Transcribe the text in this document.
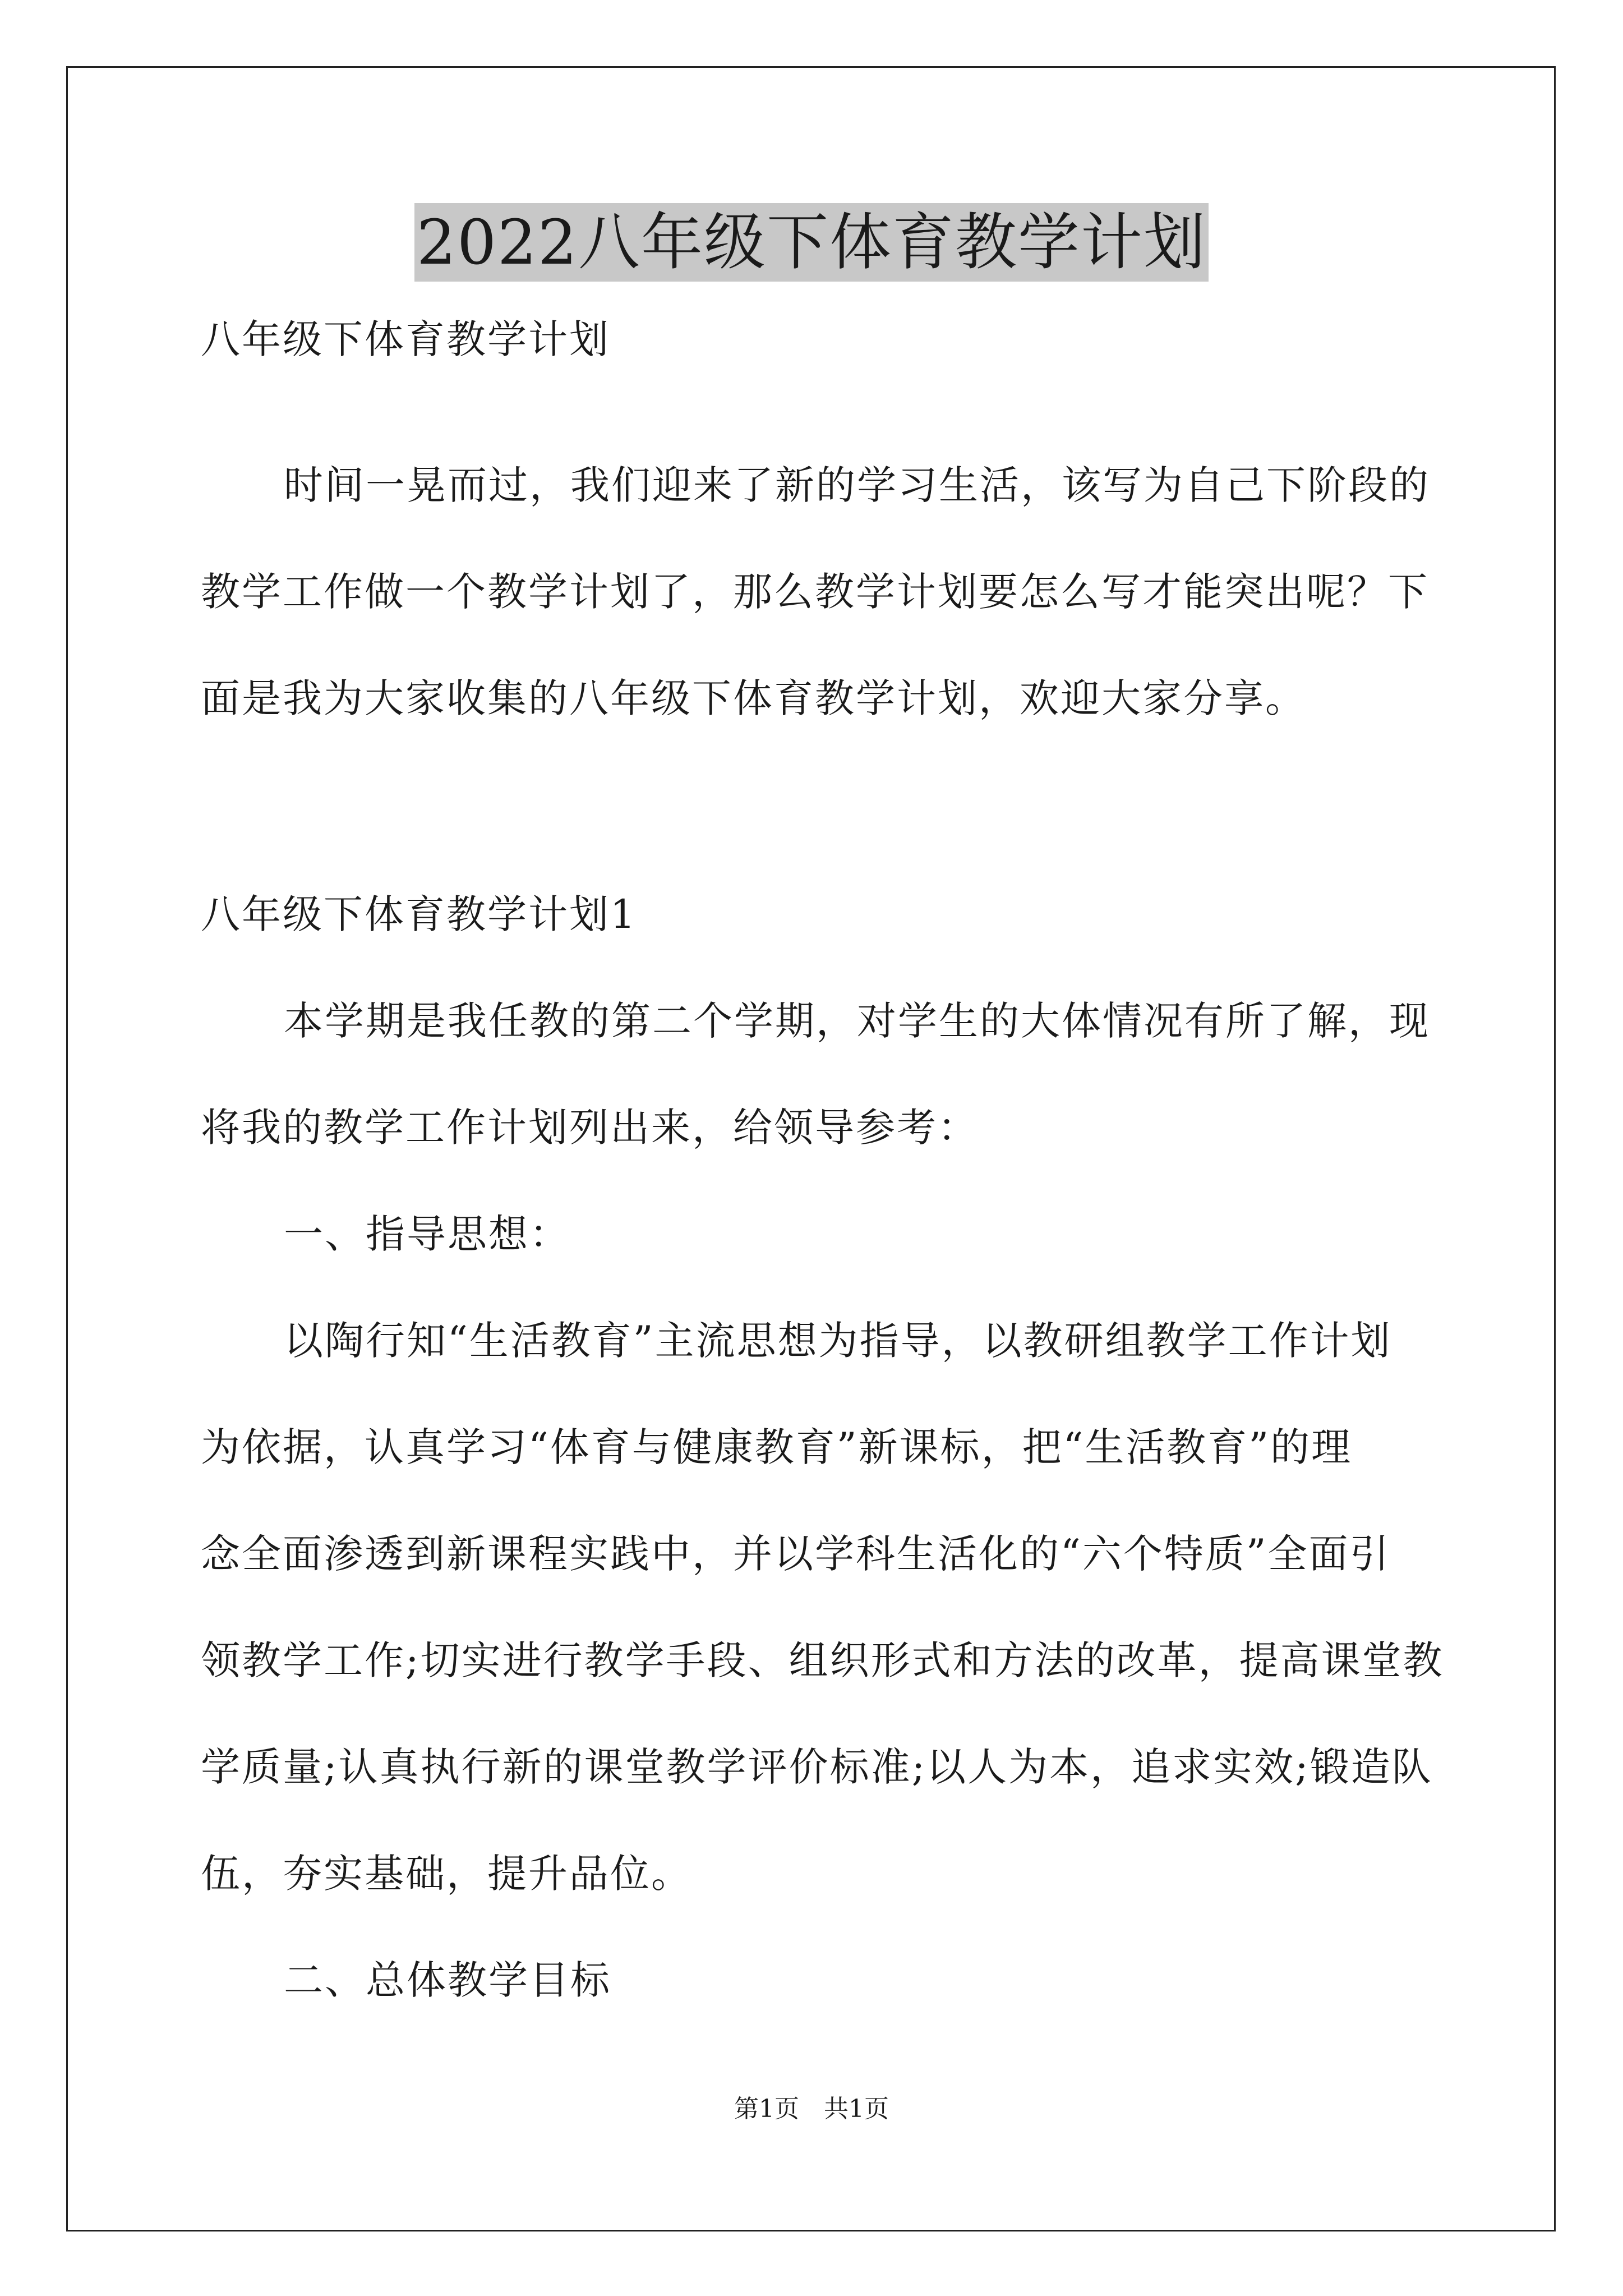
2022八年级下体育教学计划
八年级下体育教学计划
时间一晃而过，我们迎来了新的学习生活，该写为自己下阶段的
教学工作做一个教学计划了，那么教学计划要怎么写才能突出呢？下
面是我为大家收集的八年级下体育教学计划，欢迎大家分享。
八年级下体育教学计划1
本学期是我任教的第二个学期，对学生的大体情况有所了解，现
将我的教学工作计划列出来，给领导参考：
一、指导思想：
以陶行知“生活教育”主流思想为指导，以教研组教学工作计划
为依据，认真学习“体育与健康教育”新课标，把“生活教育”的理
念全面渗透到新课程实践中，并以学科生活化的“六个特质”全面引
领教学工作;切实进行教学手段、组织形式和方法的改革，提高课堂教
学质量;认真执行新的课堂教学评价标准;以人为本，追求实效;锻造队
伍，夯实基础，提升品位。
二、总体教学目标
第1页　共1页
